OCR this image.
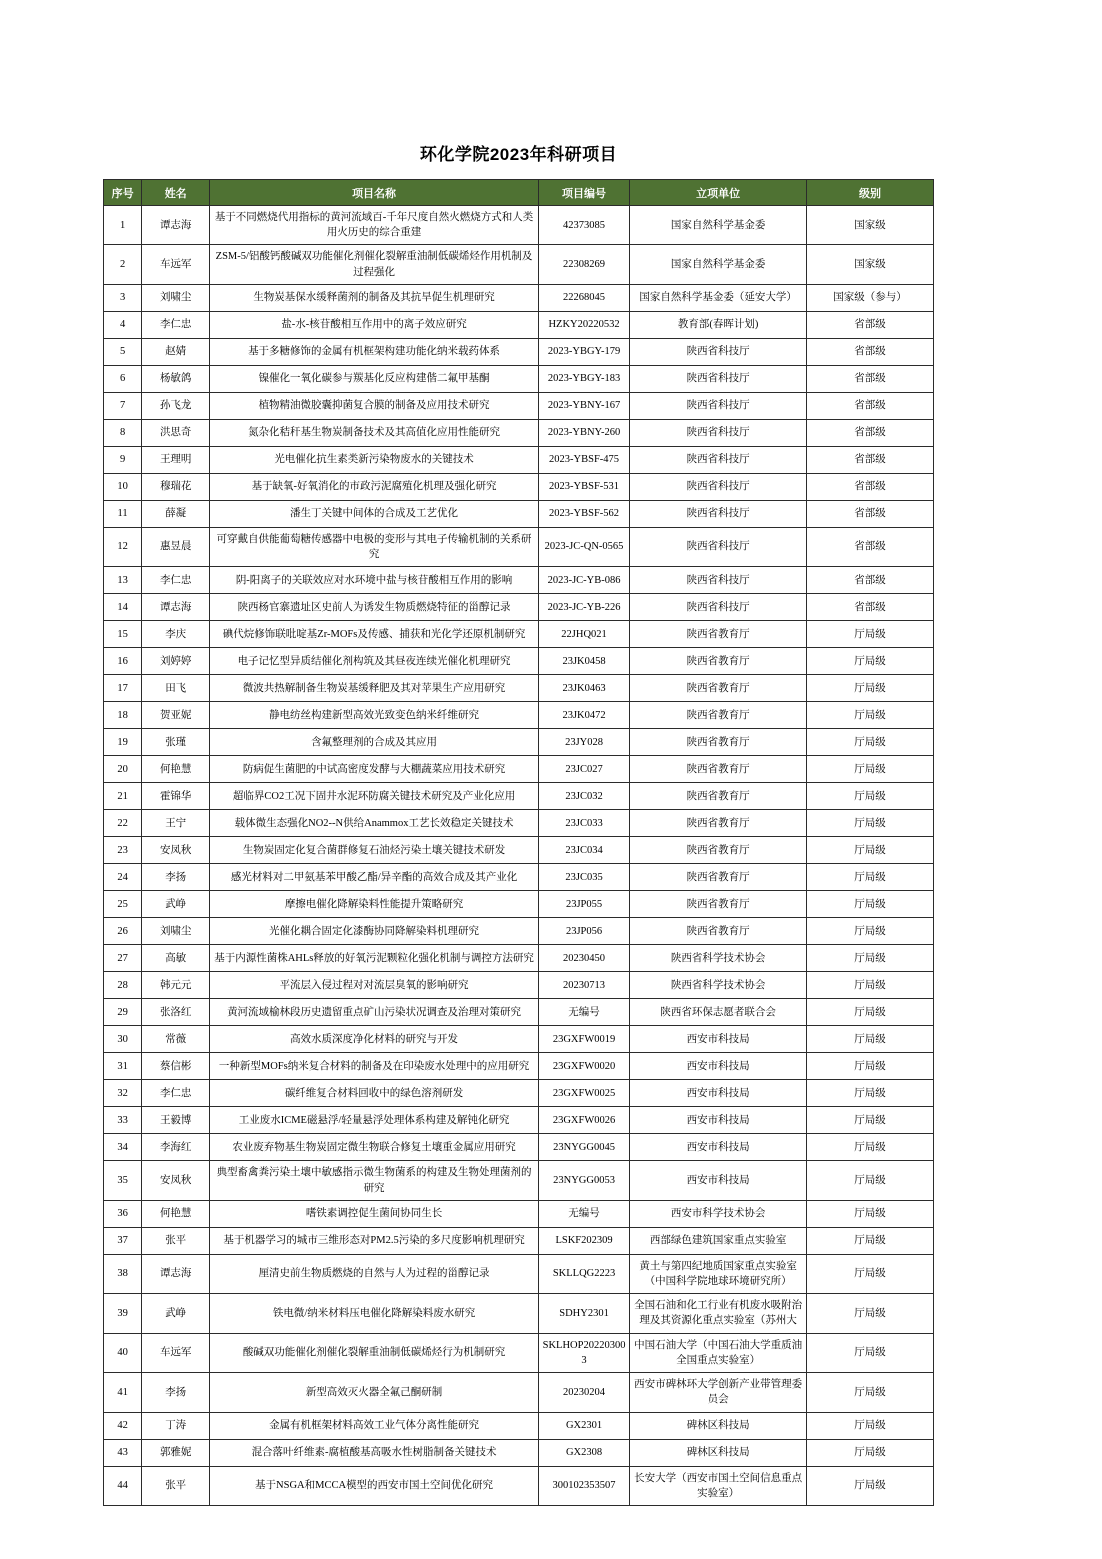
环化学院2023年科研项目
序号	姓名	项目名称	项目编号	立项单位	级别
1	谭志海	基于不同燃烧代用指标的黄河流域百-千年尺度自然火燃烧方式和人类用火历史的综合重建	42373085	国家自然科学基金委	国家级
2	车远军	ZSM-5/铝酸钙酸碱双功能催化剂催化裂解重油制低碳烯烃作用机制及过程强化	22308269	国家自然科学基金委	国家级
3	刘啸尘	生物炭基保水缓释菌剂的制备及其抗旱促生机理研究	22268045	国家自然科学基金委（延安大学）	国家级（参与）
4	李仁忠	盐-水-核苷酸相互作用中的离子效应研究	HZKY20220532	教育部(春晖计划)	省部级
5	赵婧	基于多糖修饰的金属有机框架构建功能化纳米载药体系	2023-YBGY-179	陕西省科技厅	省部级
6	杨敏鸽	镍催化一氧化碳参与羰基化反应构建偕二氟甲基酮	2023-YBGY-183	陕西省科技厅	省部级
7	孙飞龙	植物精油微胶囊抑菌复合膜的制备及应用技术研究	2023-YBNY-167	陕西省科技厅	省部级
8	洪思奇	氮杂化秸秆基生物炭制备技术及其高值化应用性能研究	2023-YBNY-260	陕西省科技厅	省部级
9	王理明	光电催化抗生素类新污染物废水的关键技术	2023-YBSF-475	陕西省科技厅	省部级
10	穆瑞花	基于缺氧-好氧消化的市政污泥腐殖化机理及强化研究	2023-YBSF-531	陕西省科技厅	省部级
11	薛凝	潘生丁关键中间体的合成及工艺优化	2023-YBSF-562	陕西省科技厅	省部级
12	惠昱晨	可穿戴自供能葡萄糖传感器中电极的变形与其电子传输机制的关系研究	2023-JC-QN-0565	陕西省科技厅	省部级
13	李仁忠	阴-阳离子的关联效应对水环境中盐与核苷酸相互作用的影响	2023-JC-YB-086	陕西省科技厅	省部级
14	谭志海	陕西杨官寨遗址区史前人为诱发生物质燃烧特征的甾醇记录	2023-JC-YB-226	陕西省科技厅	省部级
15	李庆	碘代烷修饰联吡啶基Zr-MOFs及传感、捕获和光化学还原机制研究	22JHQ021	陕西省教育厅	厅局级
16	刘婷婷	电子记忆型异质结催化剂构筑及其昼夜连续光催化机理研究	23JK0458	陕西省教育厅	厅局级
17	田飞	微波共热解制备生物炭基缓释肥及其对苹果生产应用研究	23JK0463	陕西省教育厅	厅局级
18	贺亚妮	静电纺丝构建新型高效光致变色纳米纤维研究	23JK0472	陕西省教育厅	厅局级
19	张瑾	含氟整理剂的合成及其应用	23JY028	陕西省教育厅	厅局级
20	何艳慧	防病促生菌肥的中试高密度发酵与大棚蔬菜应用技术研究	23JC027	陕西省教育厅	厅局级
21	霍锦华	超临界CO2工况下固井水泥环防腐关键技术研究及产业化应用	23JC032	陕西省教育厅	厅局级
22	王宁	载体微生态强化NO2--N供给Anammox工艺长效稳定关键技术	23JC033	陕西省教育厅	厅局级
23	安凤秋	生物炭固定化复合菌群修复石油烃污染土壤关键技术研发	23JC034	陕西省教育厅	厅局级
24	李扬	感光材料对二甲氨基苯甲酸乙酯/异辛酯的高效合成及其产业化	23JC035	陕西省教育厅	厅局级
25	武峥	摩擦电催化降解染料性能提升策略研究	23JP055	陕西省教育厅	厅局级
26	刘啸尘	光催化耦合固定化漆酶协同降解染料机理研究	23JP056	陕西省教育厅	厅局级
27	高敏	基于内源性菌株AHLs释放的好氧污泥颗粒化强化机制与调控方法研究	20230450	陕西省科学技术协会	厅局级
28	韩元元	平流层入侵过程对对流层臭氧的影响研究	20230713	陕西省科学技术协会	厅局级
29	张洛红	黄河流域榆林段历史遗留重点矿山污染状况调查及治理对策研究	无编号	陕西省环保志愿者联合会	厅局级
30	常薇	高效水质深度净化材料的研究与开发	23GXFW0019	西安市科技局	厅局级
31	蔡信彬	一种新型MOFs纳米复合材料的制备及在印染废水处理中的应用研究	23GXFW0020	西安市科技局	厅局级
32	李仁忠	碳纤维复合材料回收中的绿色溶剂研发	23GXFW0025	西安市科技局	厅局级
33	王毅博	工业废水ICME磁悬浮/轻量悬浮处理体系构建及解钝化研究	23GXFW0026	西安市科技局	厅局级
34	李海红	农业废弃物基生物炭固定微生物联合修复土壤重金属应用研究	23NYGG0045	西安市科技局	厅局级
35	安凤秋	典型畜禽粪污染土壤中敏感指示微生物菌系的构建及生物处理菌剂的研究	23NYGG0053	西安市科技局	厅局级
36	何艳慧	嗜铁素调控促生菌间协同生长	无编号	西安市科学技术协会	厅局级
37	张平	基于机器学习的城市三维形态对PM2.5污染的多尺度影响机理研究	LSKF202309	西部绿色建筑国家重点实验室	厅局级
38	谭志海	厘清史前生物质燃烧的自然与人为过程的甾醇记录	SKLLQG2223	黄土与第四纪地质国家重点实验室（中国科学院地球环境研究所）	厅局级
39	武峥	铁电微/纳米材料压电催化降解染料废水研究	SDHY2301	全国石油和化工行业有机废水吸附治理及其资源化重点实验室（苏州大	厅局级
40	车远军	酸碱双功能催化剂催化裂解重油制低碳烯烃行为机制研究	SKLHOP202203003	中国石油大学（中国石油大学重质油全国重点实验室）	厅局级
41	李扬	新型高效灭火器全氟己酮研制	20230204	西安市碑林环大学创新产业带管理委员会	厅局级
42	丁涛	金属有机框架材料高效工业气体分离性能研究	GX2301	碑林区科技局	厅局级
43	郭雅妮	混合落叶纤维素-腐植酸基高吸水性树脂制备关键技术	GX2308	碑林区科技局	厅局级
44	张平	基于NSGA和MCCA模型的西安市国土空间优化研究	300102353507	长安大学（西安市国土空间信息重点实验室）	厅局级
